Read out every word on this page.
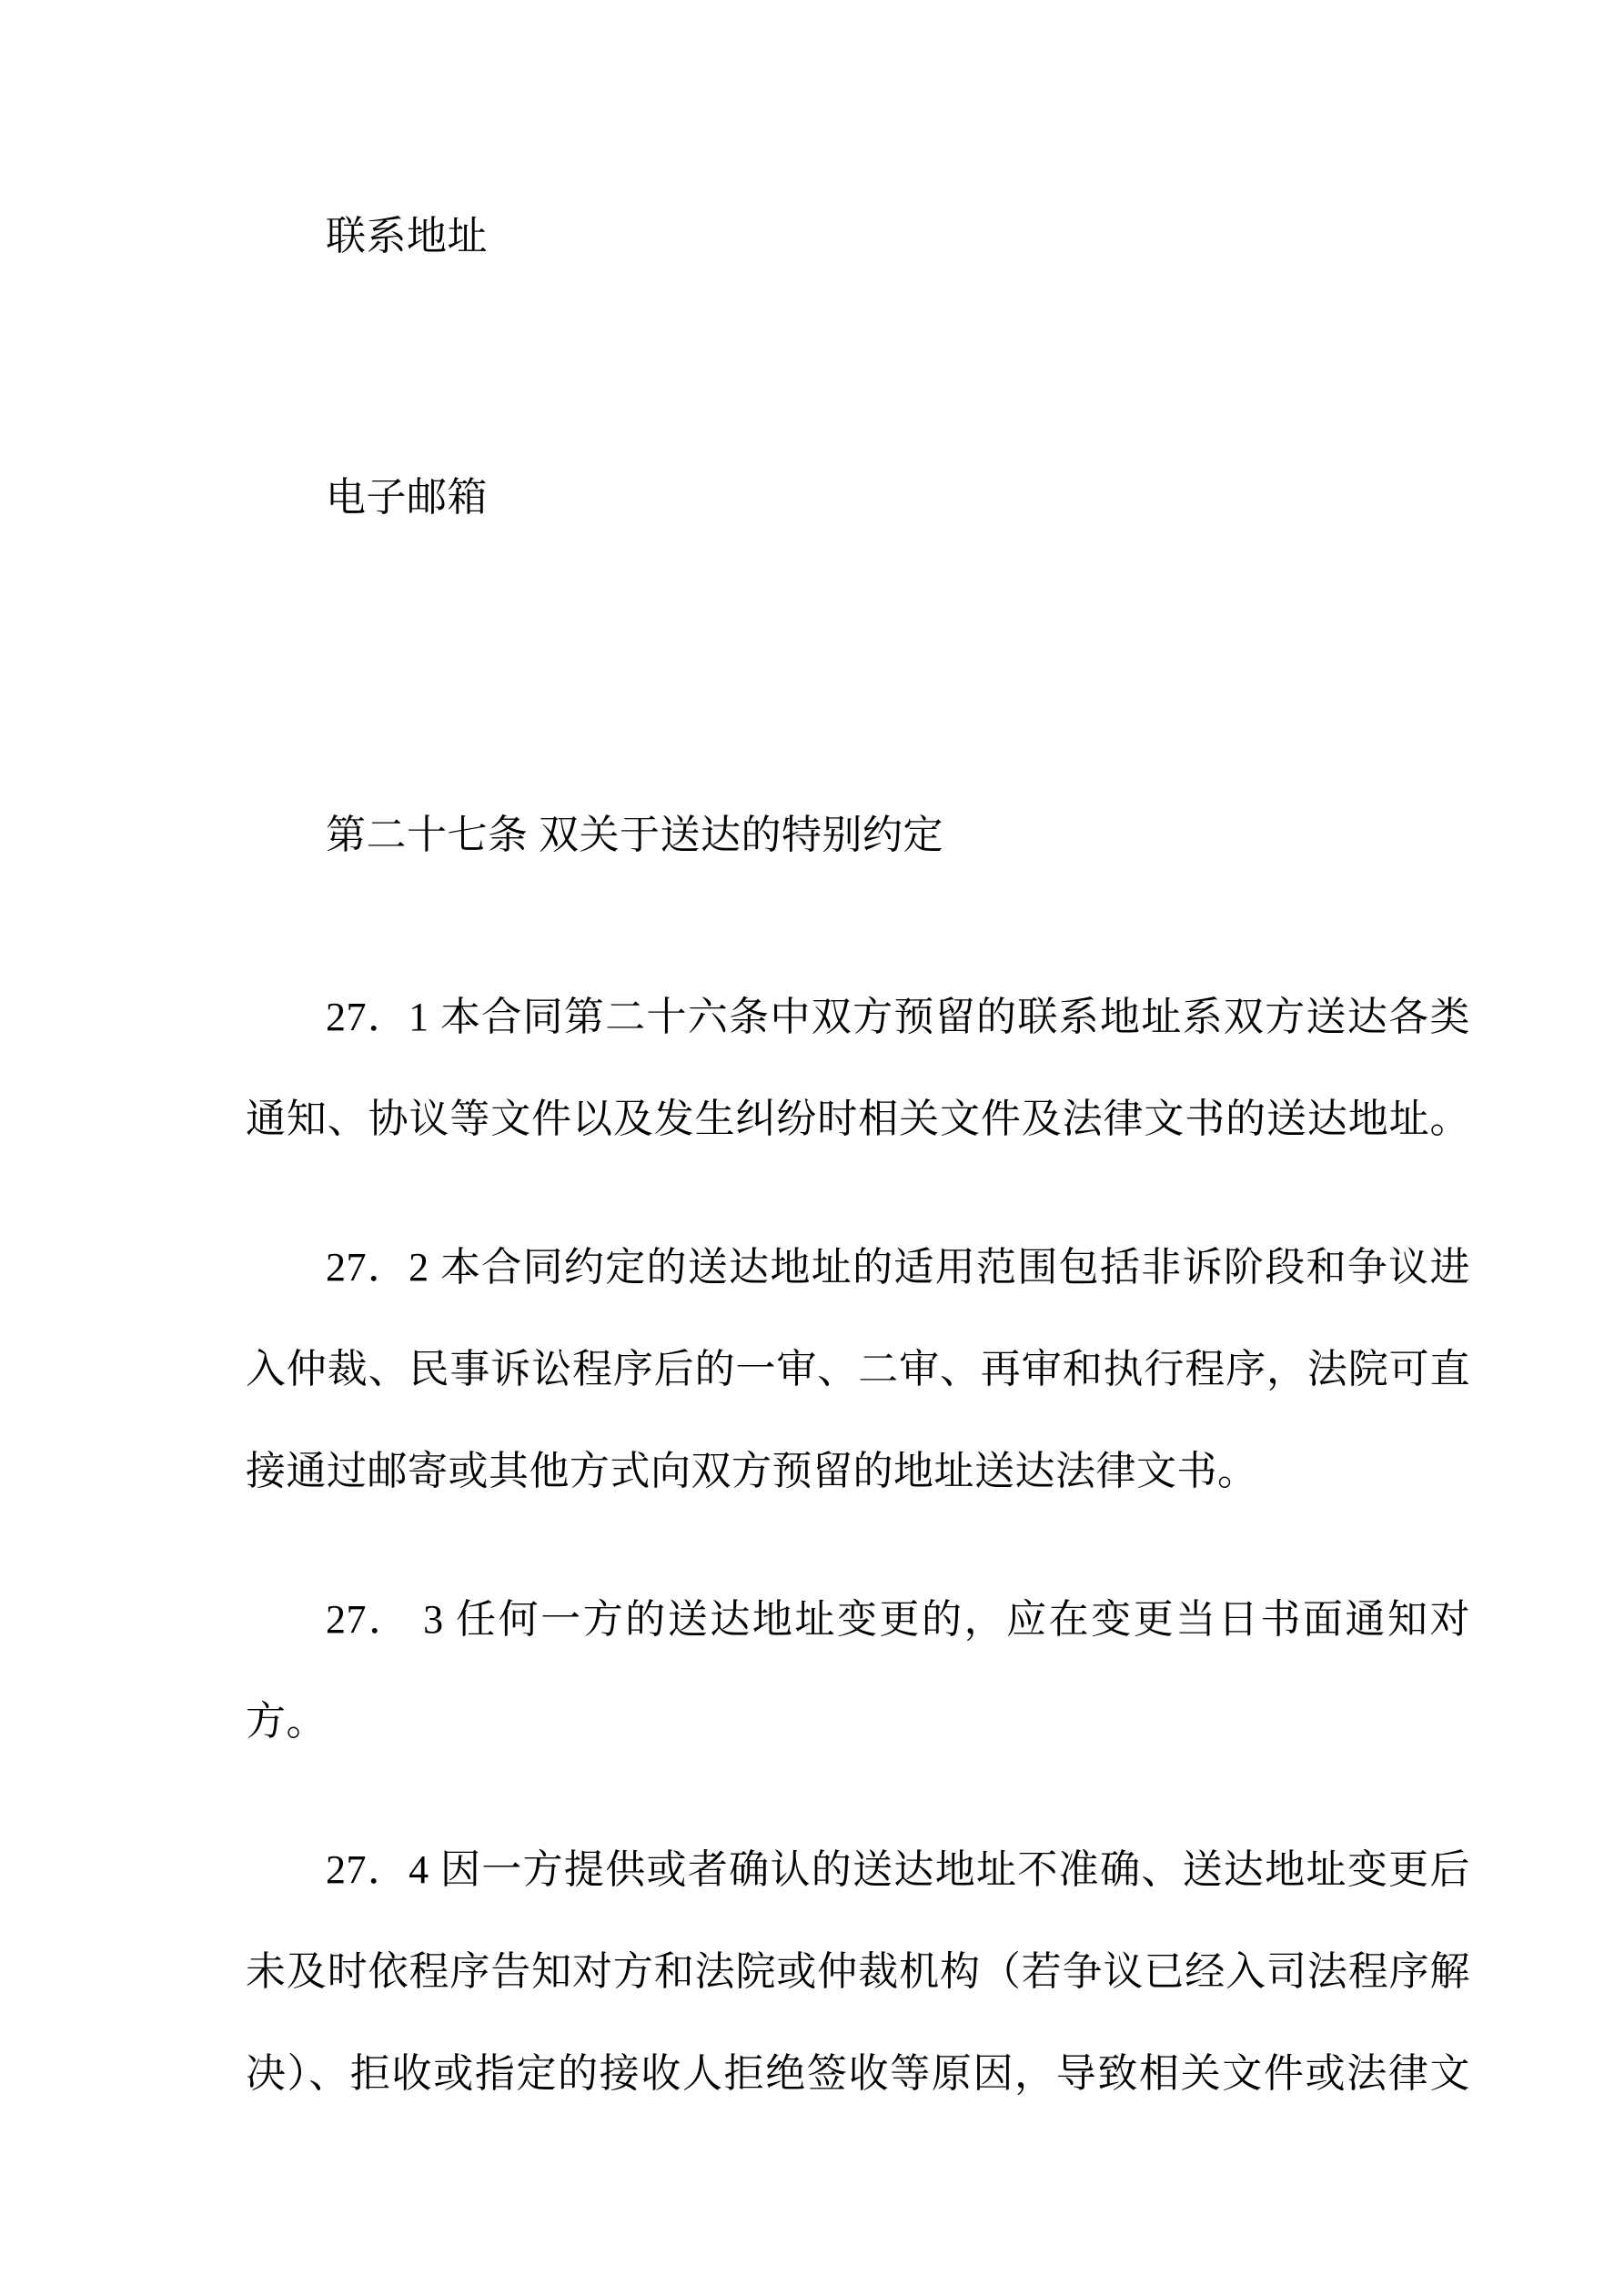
联系地址
电子邮箱
第二十七条 双关于送达的特别约定
27．1 本合同第二十六条中双方预留的联系地址系双方送达各类
通知、协议等文件以及发生纠纷时相关文件及法律文书的送达地址。
27．2 本合同约定的送达地址的适用范围包括非诉阶段和争议进
入仲裁、民事诉讼程序后的一审、二审、再审和执行程序，法院可直
接通过邮寄或其他方式向双方预留的地址送达法律文书。
27． 3 任何一方的送达地址变更的，应在变更当日书面通知对
方。
27．4 因一方提供或者确认的送达地址不准确、送达地址变更后
未及时依程序告知对方和法院或仲裁机构（若争议已经入司法程序解
决）、拒收或指定的接收人拒绝签收等原因，导致相关文件或法律文
